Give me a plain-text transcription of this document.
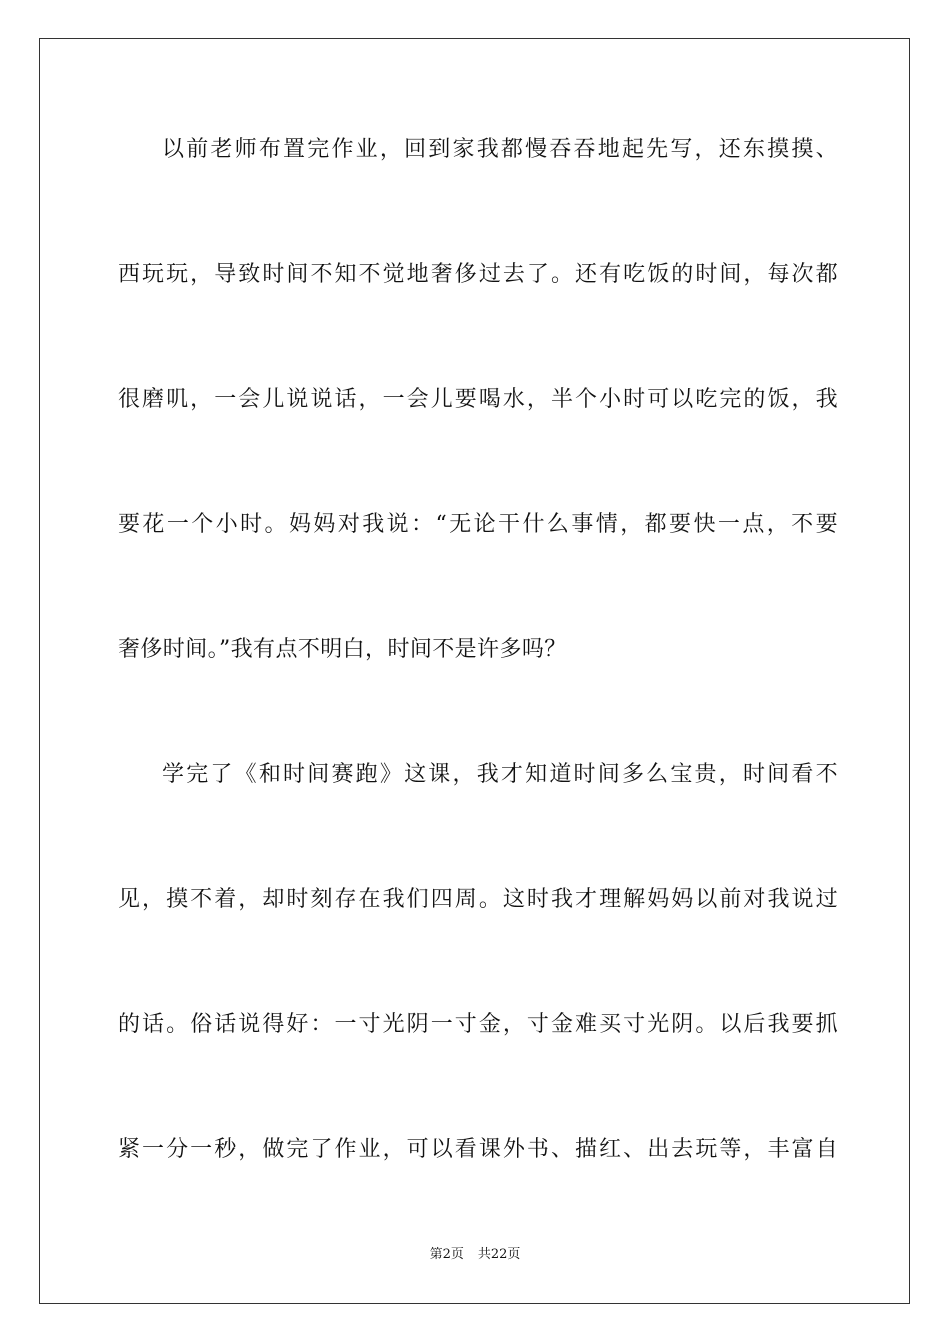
以前老师布置完作业，回到家我都慢吞吞地起先写，还东摸摸、
西玩玩，导致时间不知不觉地奢侈过去了。还有吃饭的时间，每次都
很磨叽，一会儿说说话，一会儿要喝水，半个小时可以吃完的饭，我
要花一个小时。妈妈对我说：“无论干什么事情，都要快一点，不要
奢侈时间。”我有点不明白，时间不是许多吗？
学完了《和时间赛跑》这课，我才知道时间多么宝贵，时间看不
见，摸不着，却时刻存在我们四周。这时我才理解妈妈以前对我说过
的话。俗话说得好：一寸光阴一寸金，寸金难买寸光阴。以后我要抓
紧一分一秒，做完了作业，可以看课外书、描红、出去玩等，丰富自
第2页 共22页
